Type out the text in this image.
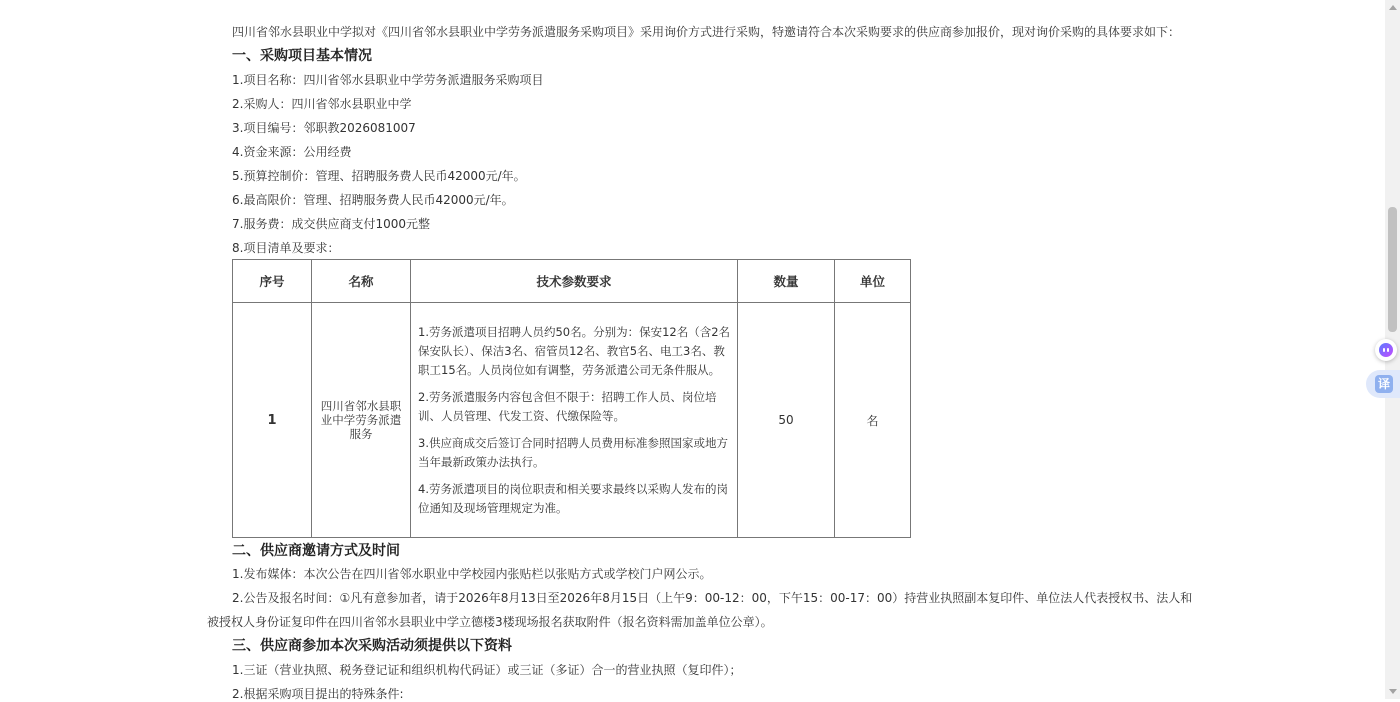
四川省邻水县职业中学拟对《四川省邻水县职业中学劳务派遣服务采购项目》采用询价方式进行采购，特邀请符合本次采购要求的供应商参加报价，现对询价采购的具体要求如下：
一、采购项目基本情况
1.项目名称：四川省邻水县职业中学劳务派遣服务采购项目
2.采购人：四川省邻水县职业中学
3.项目编号：邻职教2026081007
4.资金来源：公用经费
5.预算控制价：管理、招聘服务费人民币42000元/年。
6.最高限价：管理、招聘服务费人民币42000元/年。
7.服务费：成交供应商支付1000元整
8.项目清单及要求：
序号	名称	技术参数要求	数量	单位
1	四川省邻水县职业中学劳务派遣服务	1.劳务派遣项目招聘人员约50名。分别为：保安12名（含2名保安队长）、保洁3名、宿管员12名、教官5名、电工3名、教职工15名。人员岗位如有调整，劳务派遣公司无条件服从。

2.劳务派遣服务内容包含但不限于：招聘工作人员、岗位培训、人员管理、代发工资、代缴保险等。

3.供应商成交后签订合同时招聘人员费用标准参照国家或地方当年最新政策办法执行。

4.劳务派遣项目的岗位职责和相关要求最终以采购人发布的岗位通知及现场管理规定为准。	50	名
二、供应商邀请方式及时间
1.发布媒体：本次公告在四川省邻水职业中学校园内张贴栏以张贴方式或学校门户网公示。
2.公告及报名时间：①凡有意参加者，请于2026年8月13日至2026年8月15日（上午9：00-12：00，下午15：00-17：00）持营业执照副本复印件、单位法人代表授权书、法人和
被授权人身份证复印件在四川省邻水县职业中学立德楼3楼现场报名获取附件（报名资料需加盖单位公章）。
三、供应商参加本次采购活动须提供以下资料
1.三证（营业执照、税务登记证和组织机构代码证）或三证（多证）合一的营业执照（复印件）；
2.根据采购项目提出的特殊条件:
译
